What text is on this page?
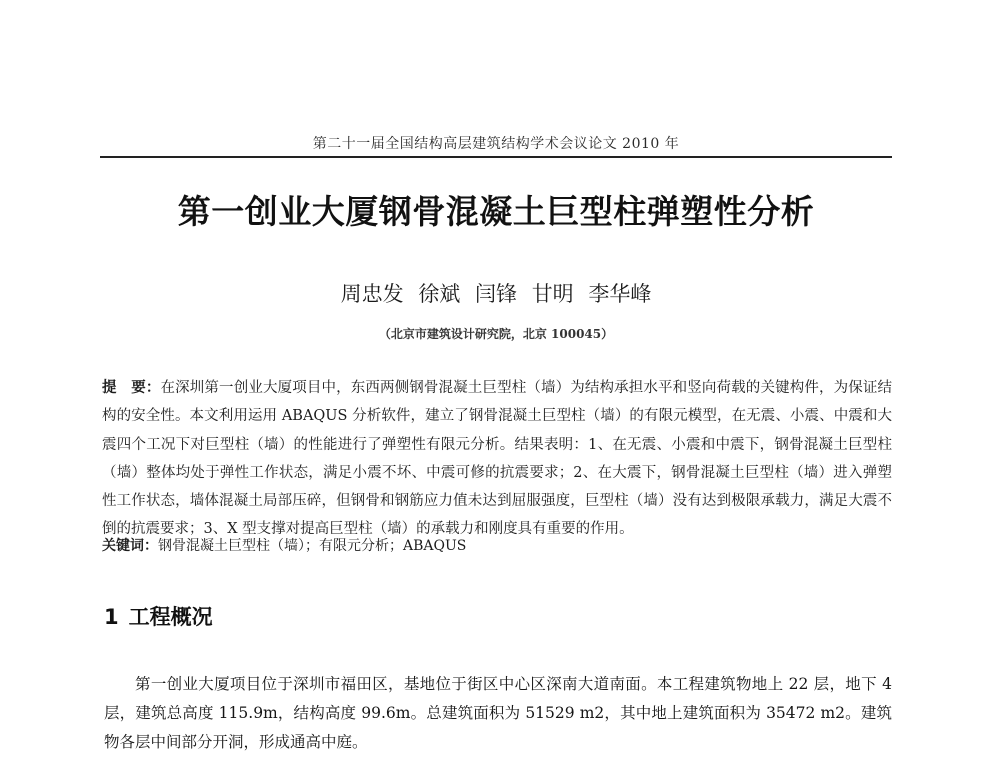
第二十一届全国结构高层建筑结构学术会议论文 2010 年
第一创业大厦钢骨混凝土巨型柱弹塑性分析
周忠发 徐斌 闫锋 甘明 李华峰
（北京市建筑设计研究院，北京 100045）
提　要：在深圳第一创业大厦项目中，东西两侧钢骨混凝土巨型柱（墙）为结构承担水平和竖向荷载的关键构件，为保证结构的安全性。本文利用运用 ABAQUS 分析软件，建立了钢骨混凝土巨型柱（墙）的有限元模型，在无震、小震、中震和大震四个工况下对巨型柱（墙）的性能进行了弹塑性有限元分析。结果表明：1、在无震、小震和中震下，钢骨混凝土巨型柱（墙）整体均处于弹性工作状态，满足小震不坏、中震可修的抗震要求；2、在大震下，钢骨混凝土巨型柱（墙）进入弹塑性工作状态，墙体混凝土局部压碎，但钢骨和钢筋应力值未达到屈服强度，巨型柱（墙）没有达到极限承载力，满足大震不倒的抗震要求；3、X 型支撑对提高巨型柱（墙）的承载力和刚度具有重要的作用。
关键词：钢骨混凝土巨型柱（墙）；有限元分析；ABAQUS
1 工程概况

第一创业大厦项目位于深圳市福田区，基地位于街区中心区深南大道南面。本工程建筑物地上 22 层，地下 4 层，建筑总高度 115.9m，结构高度 99.6m。总建筑面积为 51529 m2，其中地上建筑面积为 35472 m2。建筑物各层中间部分开洞，形成通高中庭。
